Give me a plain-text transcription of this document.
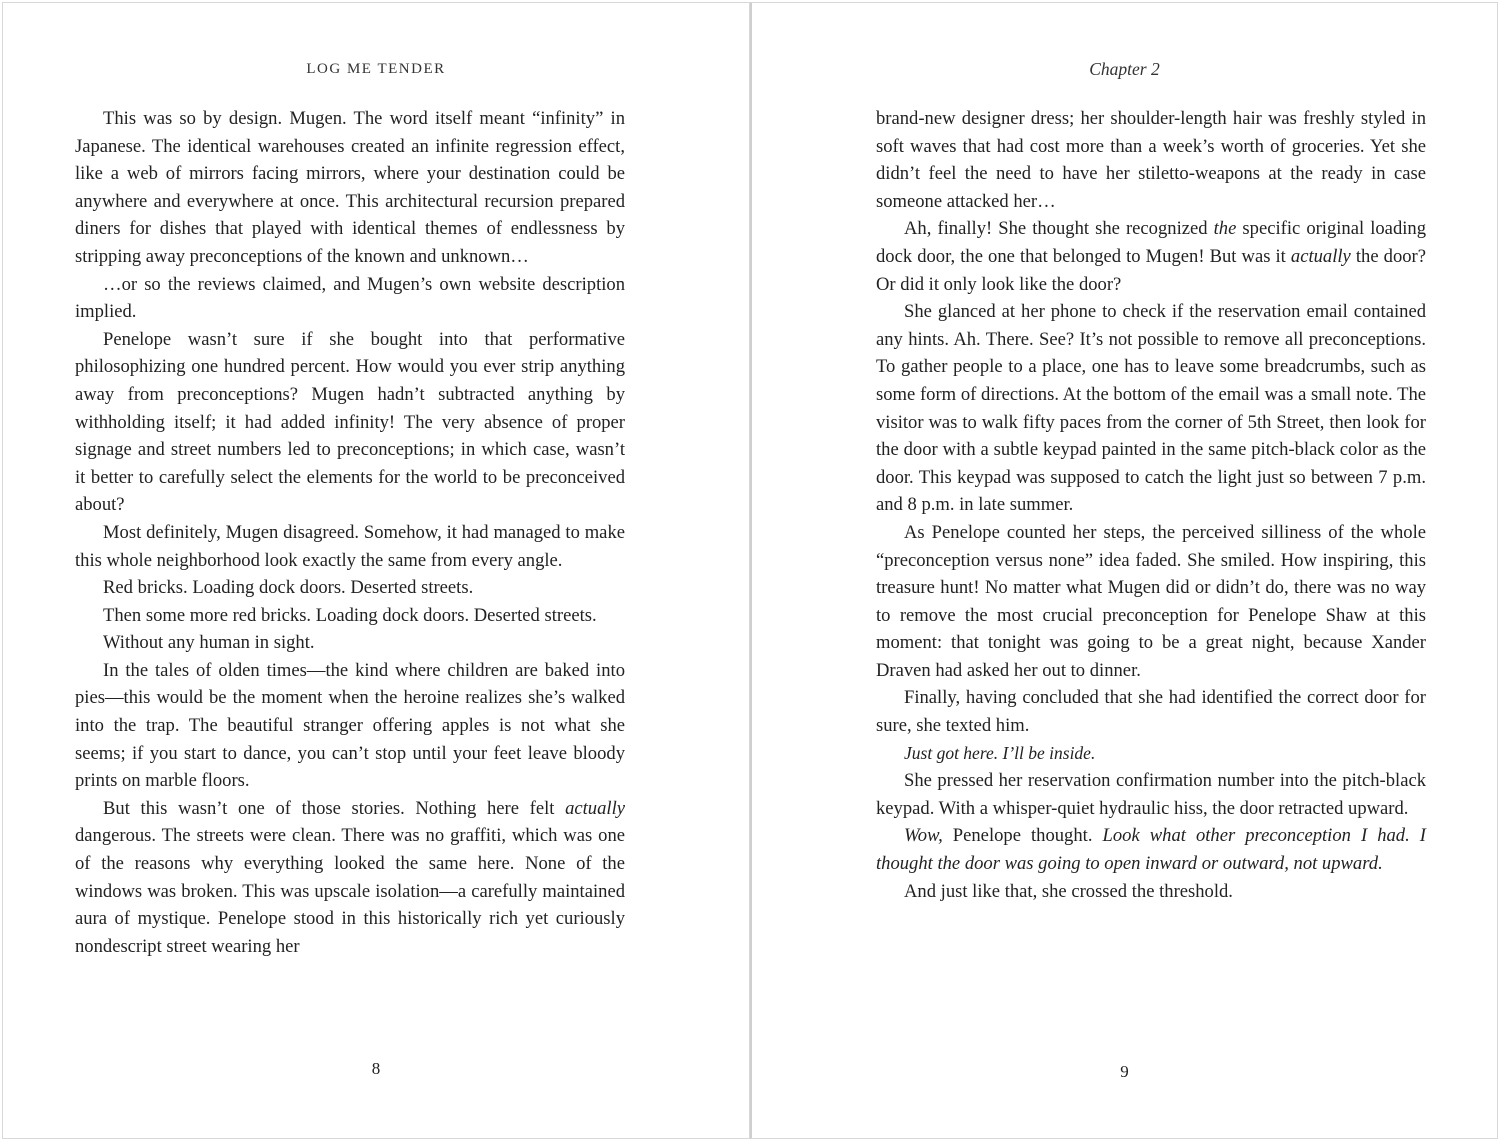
LOG ME TENDER

This was so by design. Mugen. The word itself meant “infinity” in Japanese. The identical warehouses created an infinite regression effect, like a web of mirrors facing mirrors, where your destination could be anywhere and everywhere at once. This architectural recursion prepared diners for dishes that played with identical themes of endlessness by stripping away preconceptions of the known and unknown…

…or so the reviews claimed, and Mugen’s own website description implied.

Penelope wasn’t sure if she bought into that performative philosophizing one hundred percent. How would you ever strip anything away from preconceptions? Mugen hadn’t subtracted anything by withholding itself; it had added infinity! The very absence of proper signage and street numbers led to preconceptions; in which case, wasn’t it better to carefully select the elements for the world to be preconceived about?

Most definitely, Mugen disagreed. Somehow, it had managed to make this whole neighborhood look exactly the same from every angle.

Red bricks. Loading dock doors. Deserted streets.

Then some more red bricks. Loading dock doors. Deserted streets.

Without any human in sight.

In the tales of olden times—the kind where children are baked into pies—this would be the moment when the heroine realizes she’s walked into the trap. The beautiful stranger offering apples is not what she seems; if you start to dance, you can’t stop until your feet leave bloody prints on marble floors.

But this wasn’t one of those stories. Nothing here felt actually dangerous. The streets were clean. There was no graffiti, which was one of the reasons why everything looked the same here. None of the windows was broken. This was upscale isolation—a carefully maintained aura of mystique. Penelope stood in this historically rich yet curiously nondescript street wearing her

8
Chapter 2

brand-new designer dress; her shoulder-length hair was freshly styled in soft waves that had cost more than a week’s worth of groceries. Yet she didn’t feel the need to have her stiletto-weapons at the ready in case someone attacked her…

Ah, finally! She thought she recognized the specific original loading dock door, the one that belonged to Mugen! But was it actually the door? Or did it only look like the door?

She glanced at her phone to check if the reservation email contained any hints. Ah. There. See? It’s not possible to remove all preconceptions. To gather people to a place, one has to leave some breadcrumbs, such as some form of directions. At the bottom of the email was a small note. The visitor was to walk fifty paces from the corner of 5th Street, then look for the door with a subtle keypad painted in the same pitch-black color as the door. This keypad was supposed to catch the light just so between 7 p.m. and 8 p.m. in late summer.

As Penelope counted her steps, the perceived silliness of the whole “preconception versus none” idea faded. She smiled. How inspiring, this treasure hunt! No matter what Mugen did or didn’t do, there was no way to remove the most crucial preconception for Penelope Shaw at this moment: that tonight was going to be a great night, because Xander Draven had asked her out to dinner.

Finally, having concluded that she had identified the correct door for sure, she texted him.

Just got here. I’ll be inside.

She pressed her reservation confirmation number into the pitch-black keypad. With a whisper-quiet hydraulic hiss, the door retracted upward.

Wow, Penelope thought. Look what other preconception I had. I thought the door was going to open inward or outward, not upward.

And just like that, she crossed the threshold.

9
